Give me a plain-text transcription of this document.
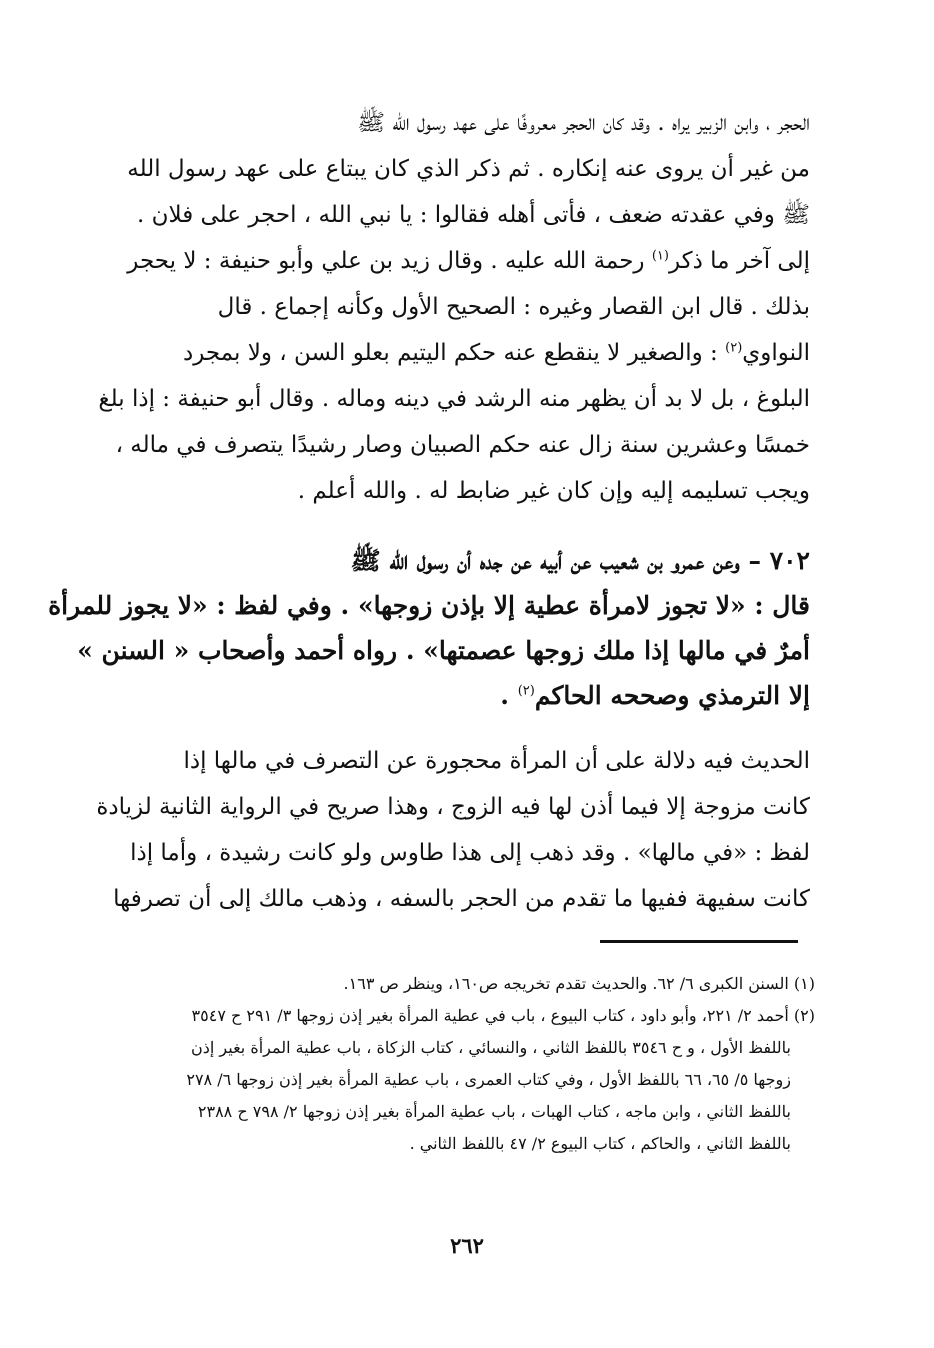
الحجر ، وابن الزبير يراه . وقد كان الحجر معروفًا على عهد رسول الله ﷺ
من غير أن يروى عنه إنكاره . ثم ذكر الذي كان يبتاع على عهد رسول الله
ﷺ وفي عقدته ضعف ، فأتى أهله فقالوا : يا نبي الله ، احجر على فلان .
إلى آخر ما ذكر$^{(١)}$ رحمة الله عليه . وقال زيد بن علي وأبو حنيفة : لا يحجر
بذلك . قال ابن القصار وغيره : الصحيح الأول وكأنه إجماع . قال
النواوي$^{(٢)}$ : والصغير لا ينقطع عنه حكم اليتيم بعلو السن ، ولا بمجرد
البلوغ ، بل لا بد أن يظهر منه الرشد في دينه وماله . وقال أبو حنيفة : إذا بلغ
خمسًا وعشرين سنة زال عنه حكم الصبيان وصار رشيدًا يتصرف في ماله ،
ويجب تسليمه إليه وإن كان غير ضابط له . والله أعلم .
٧٠٢ – وعن عمرو بن شعيب عن أبيه عن جده أن رسول الله ﷺ
قال : «لا تجوز لامرأة عطية إلا بإذن زوجها» . وفي لفظ : «لا يجوز للمرأة
أمرٌ في مالها إذا ملك زوجها عصمتها» . رواه أحمد وأصحاب « السنن »
إلا الترمذي وصححه الحاكم$^{(٢)}$ .
الحديث فيه دلالة على أن المرأة محجورة عن التصرف في مالها إذا
كانت مزوجة إلا فيما أذن لها فيه الزوج ، وهذا صريح في الرواية الثانية لزيادة
لفظ : «في مالها» . وقد ذهب إلى هذا طاوس ولو كانت رشيدة ، وأما إذا
كانت سفيهة ففيها ما تقدم من الحجر بالسفه ، وذهب مالك إلى أن تصرفها
(١) السنن الكبرى ٦/ ٦٢. والحديث تقدم تخريجه ص١٦٠، وينظر ص ١٦٣.
(٢) أحمد ٢/ ٢٢١، وأبو داود ، كتاب البيوع ، باب في عطية المرأة بغير إذن زوجها ٣/ ٢٩١ ح ٣٥٤٧
باللفظ الأول ، و ح ٣٥٤٦ باللفظ الثاني ، والنسائي ، كتاب الزكاة ، باب عطية المرأة بغير إذن
زوجها ٥/ ٦٥، ٦٦ باللفظ الأول ، وفي كتاب العمرى ، باب عطية المرأة بغير إذن زوجها ٦/ ٢٧٨
باللفظ الثاني ، وابن ماجه ، كتاب الهبات ، باب عطية المرأة بغير إذن زوجها ٢/ ٧٩٨ ح ٢٣٨٨
باللفظ الثاني ، والحاكم ، كتاب البيوع ٢/ ٤٧ باللفظ الثاني .
٢٦٢
